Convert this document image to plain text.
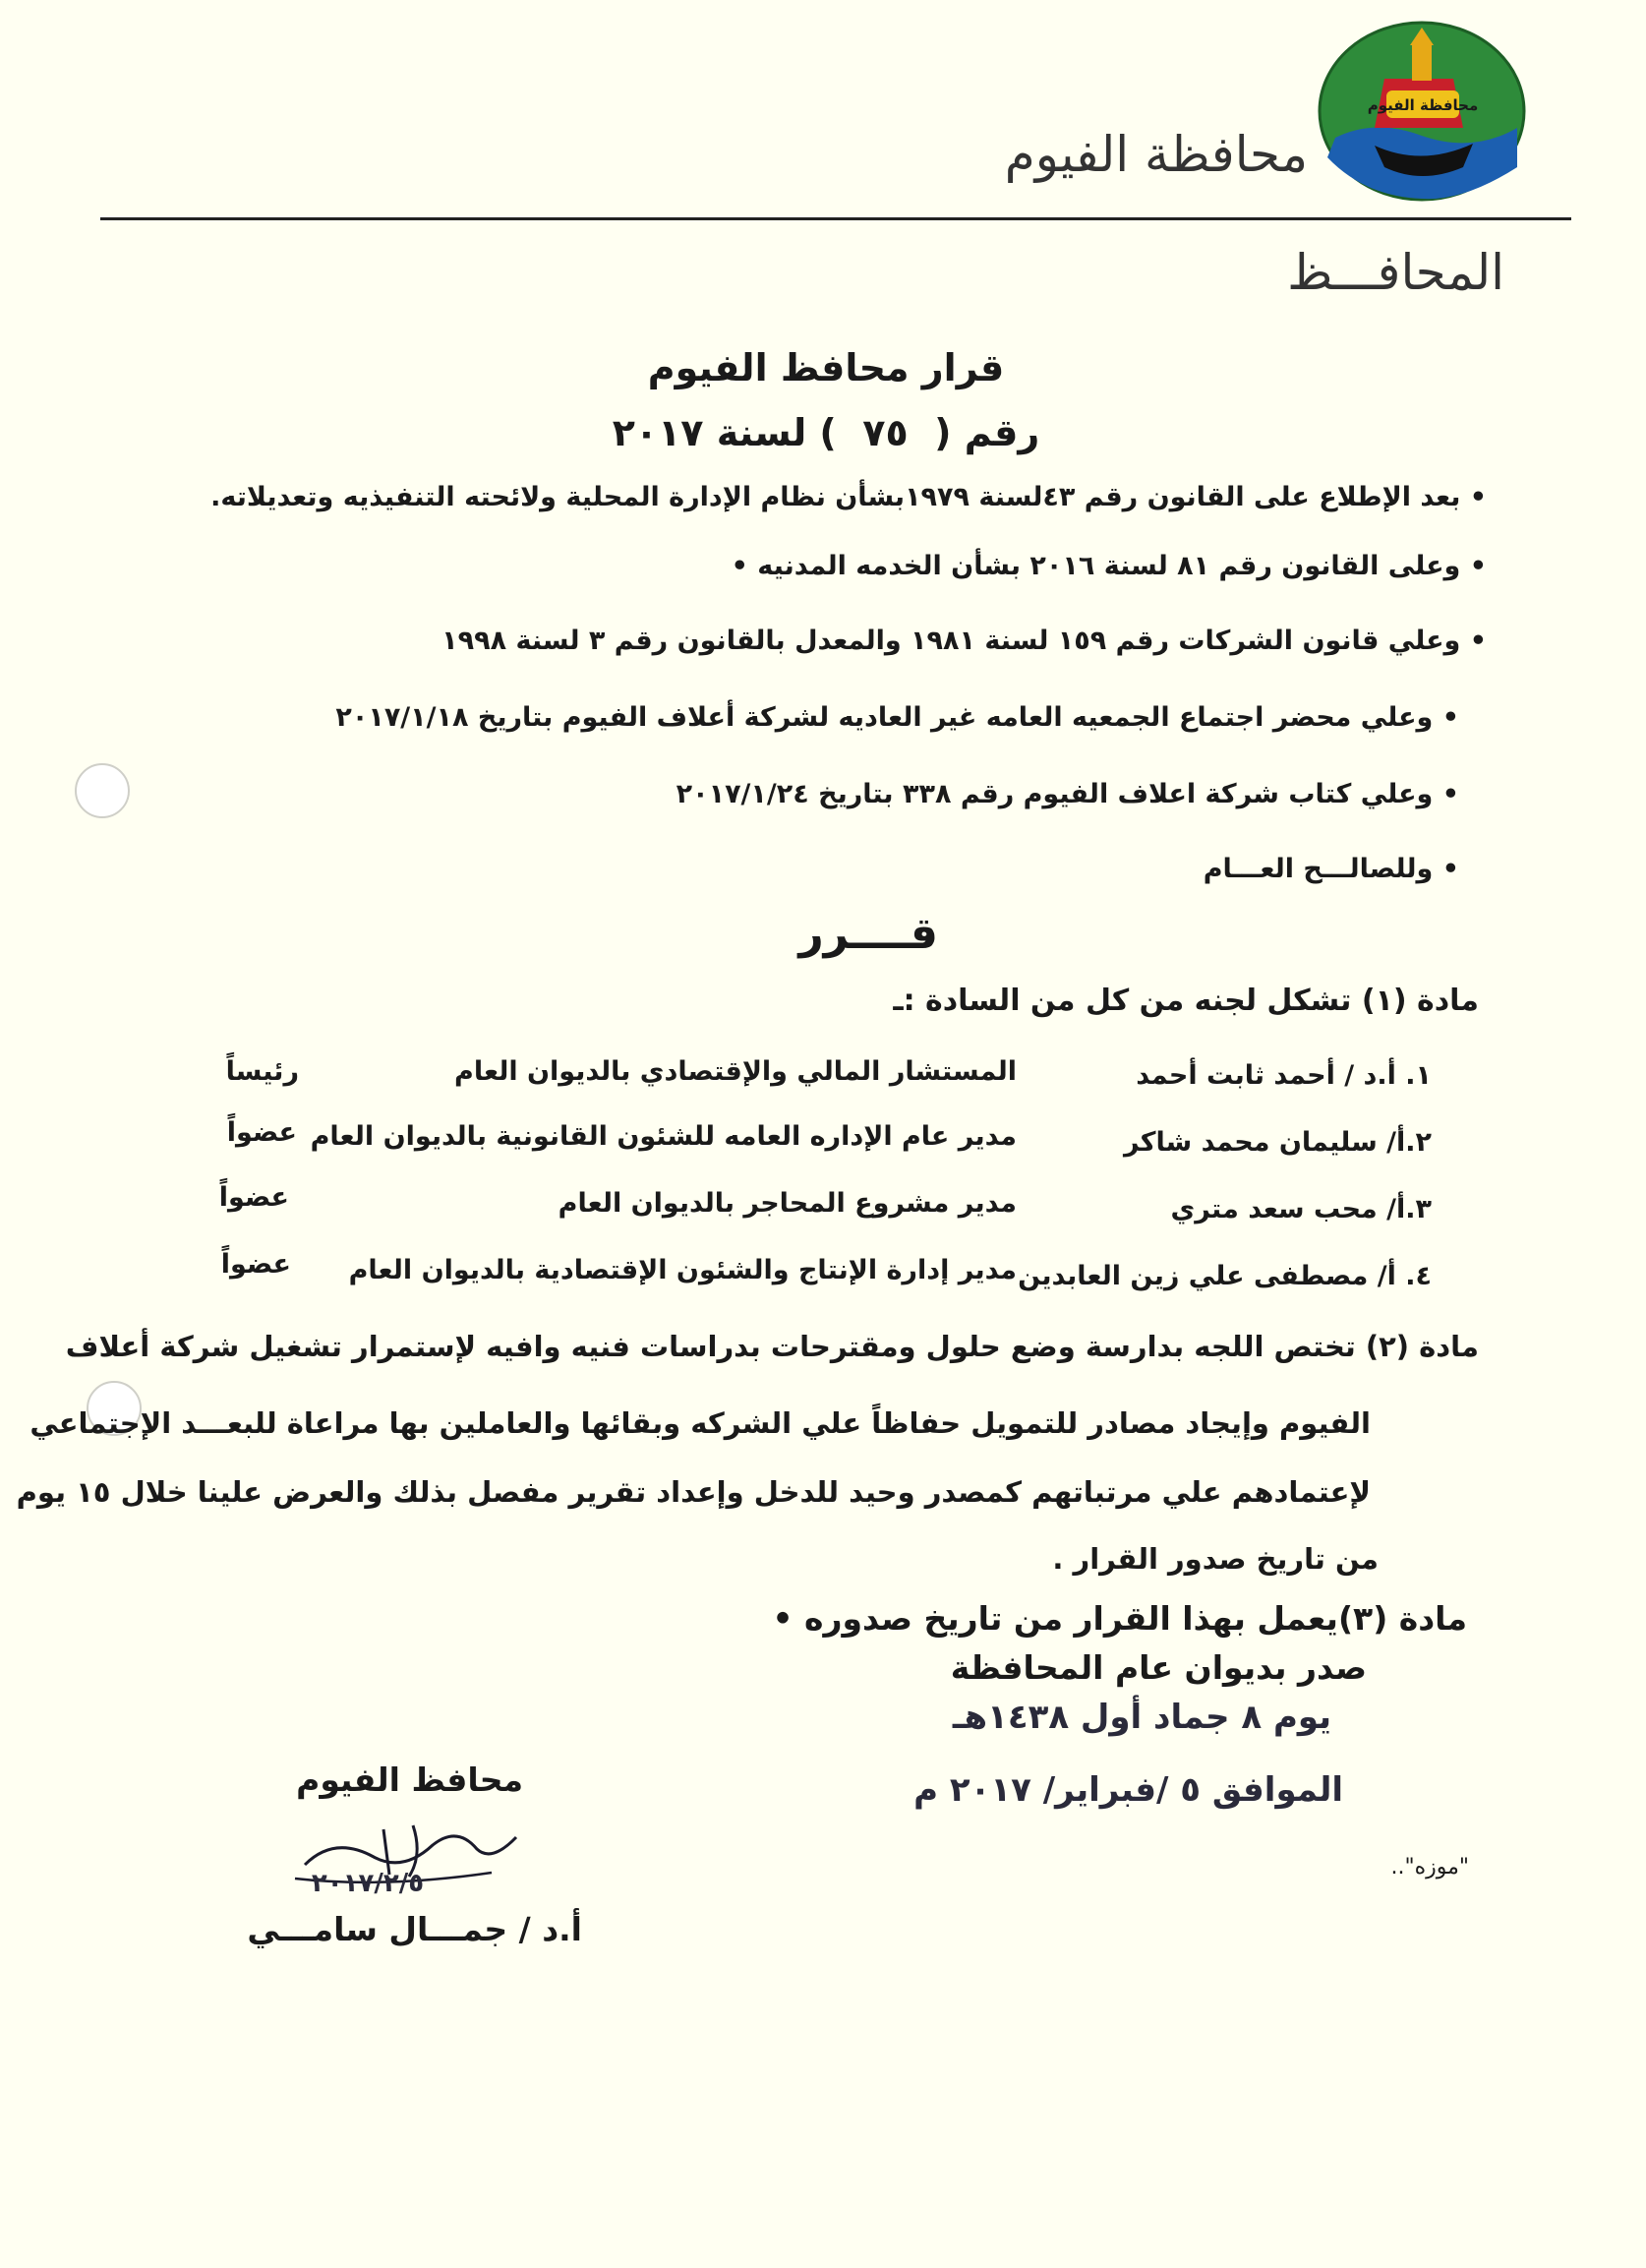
محافظة الفيوم
محافظة الفيوم
المحافـــظ
قرار محافظ الفيوم
رقم (  ٧٥  ) لسنة ٢٠١٧
• بعد الإطلاع على القانون رقم ٤٣لسنة ١٩٧٩بشأن نظام الإدارة المحلية ولائحته التنفيذيه وتعديلاته.
• وعلى القانون رقم ٨١ لسنة ٢٠١٦ بشأن الخدمه المدنيه •
• وعلي قانون الشركات رقم ١٥٩ لسنة ١٩٨١ والمعدل بالقانون رقم ٣ لسنة ١٩٩٨
• وعلي محضر اجتماع الجمعيه العامه غير العاديه لشركة أعلاف الفيوم بتاريخ ٢٠١٧/١/١٨
• وعلي كتاب شركة اعلاف الفيوم رقم ٣٣٨ بتاريخ ٢٠١٧/١/٢٤
• وللصالـــح العـــام
قــــرر
مادة (١) تشكل لجنه من كل من السادة :ـ
١. أ.د / أحمد ثابت أحمد
المستشار المالي والإقتصادي بالديوان العام
رئيساً
٢.أ/ سليمان محمد شاكر
مدير عام الإداره العامه للشئون القانونية بالديوان العام
عضواً
٣.أ/ محب سعد متري
مدير مشروع المحاجر بالديوان العام
عضواً
٤. أ/ مصطفى علي زين العابدين
مدير إدارة الإنتاج والشئون الإقتصادية بالديوان العام
عضواً
مادة (٢) تختص اللجه بدارسة وضع حلول ومقترحات بدراسات فنيه وافيه لإستمرار تشغيل شركة أعلاف
الفيوم وإيجاد مصادر للتمويل حفاظاً علي الشركه وبقائها والعاملين بها مراعاة للبعـــد الإجتماعي
لإعتمادهم علي مرتباتهم كمصدر وحيد للدخل وإعداد تقرير مفصل بذلك والعرض علينا خلال ١٥ يوم
من تاريخ صدور القرار .
مادة (٣)يعمل بهذا القرار من تاريخ صدوره •
صدر بديوان عام المحافظة
يوم ٨ جماد أول ١٤٣٨هـ
الموافق ٥ /فبراير/ ٢٠١٧ م
محافظ الفيوم
٢٠١٧/٢/٥
أ.د / جمـــال سامـــي
"موزه"..
